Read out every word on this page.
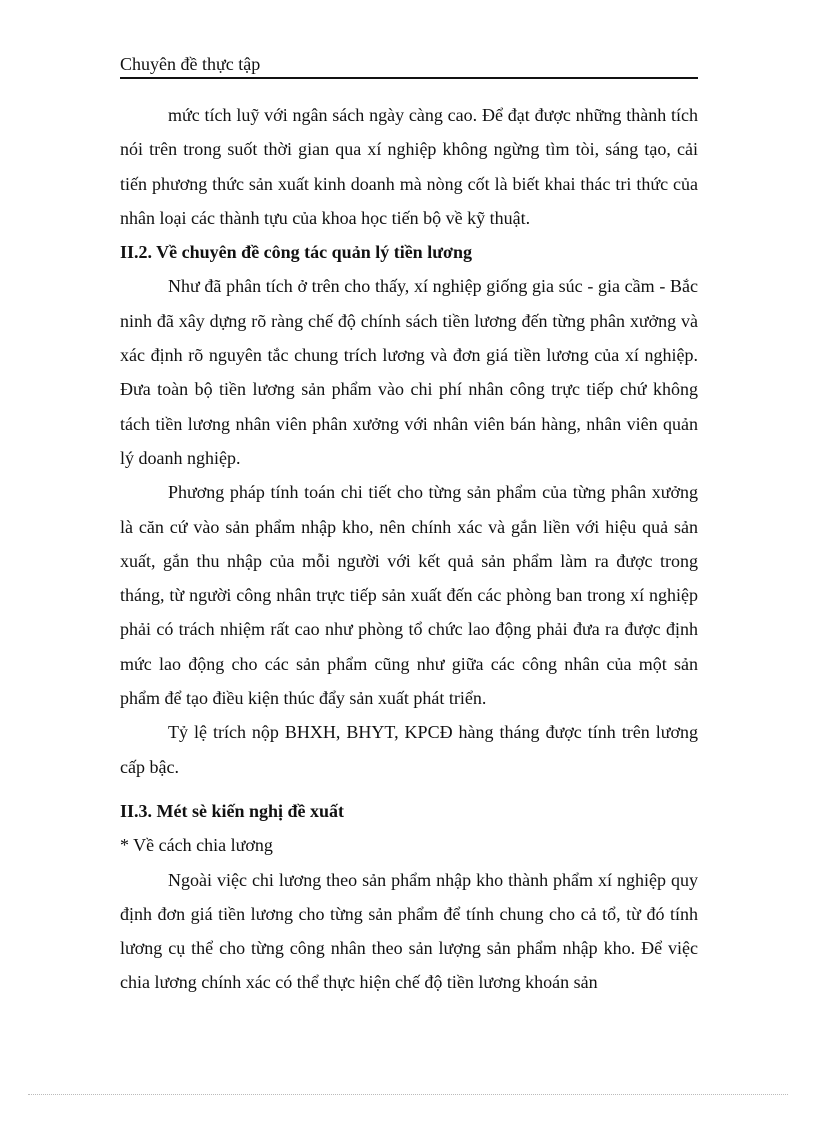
Chuyên đề thực tập

mức tích luỹ với ngân sách ngày càng cao. Để đạt được những thành tích nói trên trong suốt thời gian qua xí nghiệp không ngừng tìm tòi, sáng tạo, cải tiến phương thức sản xuất kinh doanh mà nòng cốt là biết khai thác tri thức của nhân loại các thành tựu của khoa học tiến bộ về kỹ thuật.

II.2. Về chuyên đề công tác quản lý tiền lương

Như đã phân tích ở trên cho thấy, xí nghiệp giống gia súc - gia cầm - Bắc ninh đã xây dựng rõ ràng chế độ chính sách tiền lương đến từng phân xưởng và xác định rõ nguyên tắc chung trích lương và đơn giá tiền lương của xí nghiệp. Đưa toàn bộ tiền lương sản phẩm vào chi phí nhân công trực tiếp chứ không tách tiền lương nhân viên phân xưởng với nhân viên bán hàng, nhân viên quản lý doanh nghiệp.

Phương pháp tính toán chi tiết cho từng sản phẩm của từng phân xưởng là căn cứ vào sản phẩm nhập kho, nên chính xác và gắn liền với hiệu quả sản xuất, gắn thu nhập của mỗi người với kết quả sản phẩm làm ra được trong tháng, từ người công nhân trực tiếp sản xuất đến các phòng ban trong xí nghiệp phải có trách nhiệm rất cao như phòng tổ chức lao động phải đưa ra được định mức lao động cho các sản phẩm cũng như giữa các công nhân của một sản phẩm để tạo điều kiện thúc đẩy sản xuất phát triển.

Tỷ lệ trích nộp BHXH, BHYT, KPCĐ hàng tháng được tính trên lương cấp bậc.

II.3. Mét sè kiến nghị đề xuất

* Về cách chia lương

Ngoài việc chi lương theo sản phẩm nhập kho thành phẩm xí nghiệp quy định đơn giá tiền lương cho từng sản phẩm để tính chung cho cả tổ, từ đó tính lương cụ thể cho từng công nhân theo sản lượng sản phẩm nhập kho. Để việc chia lương chính xác có thể thực hiện chế độ tiền lương khoán sản
